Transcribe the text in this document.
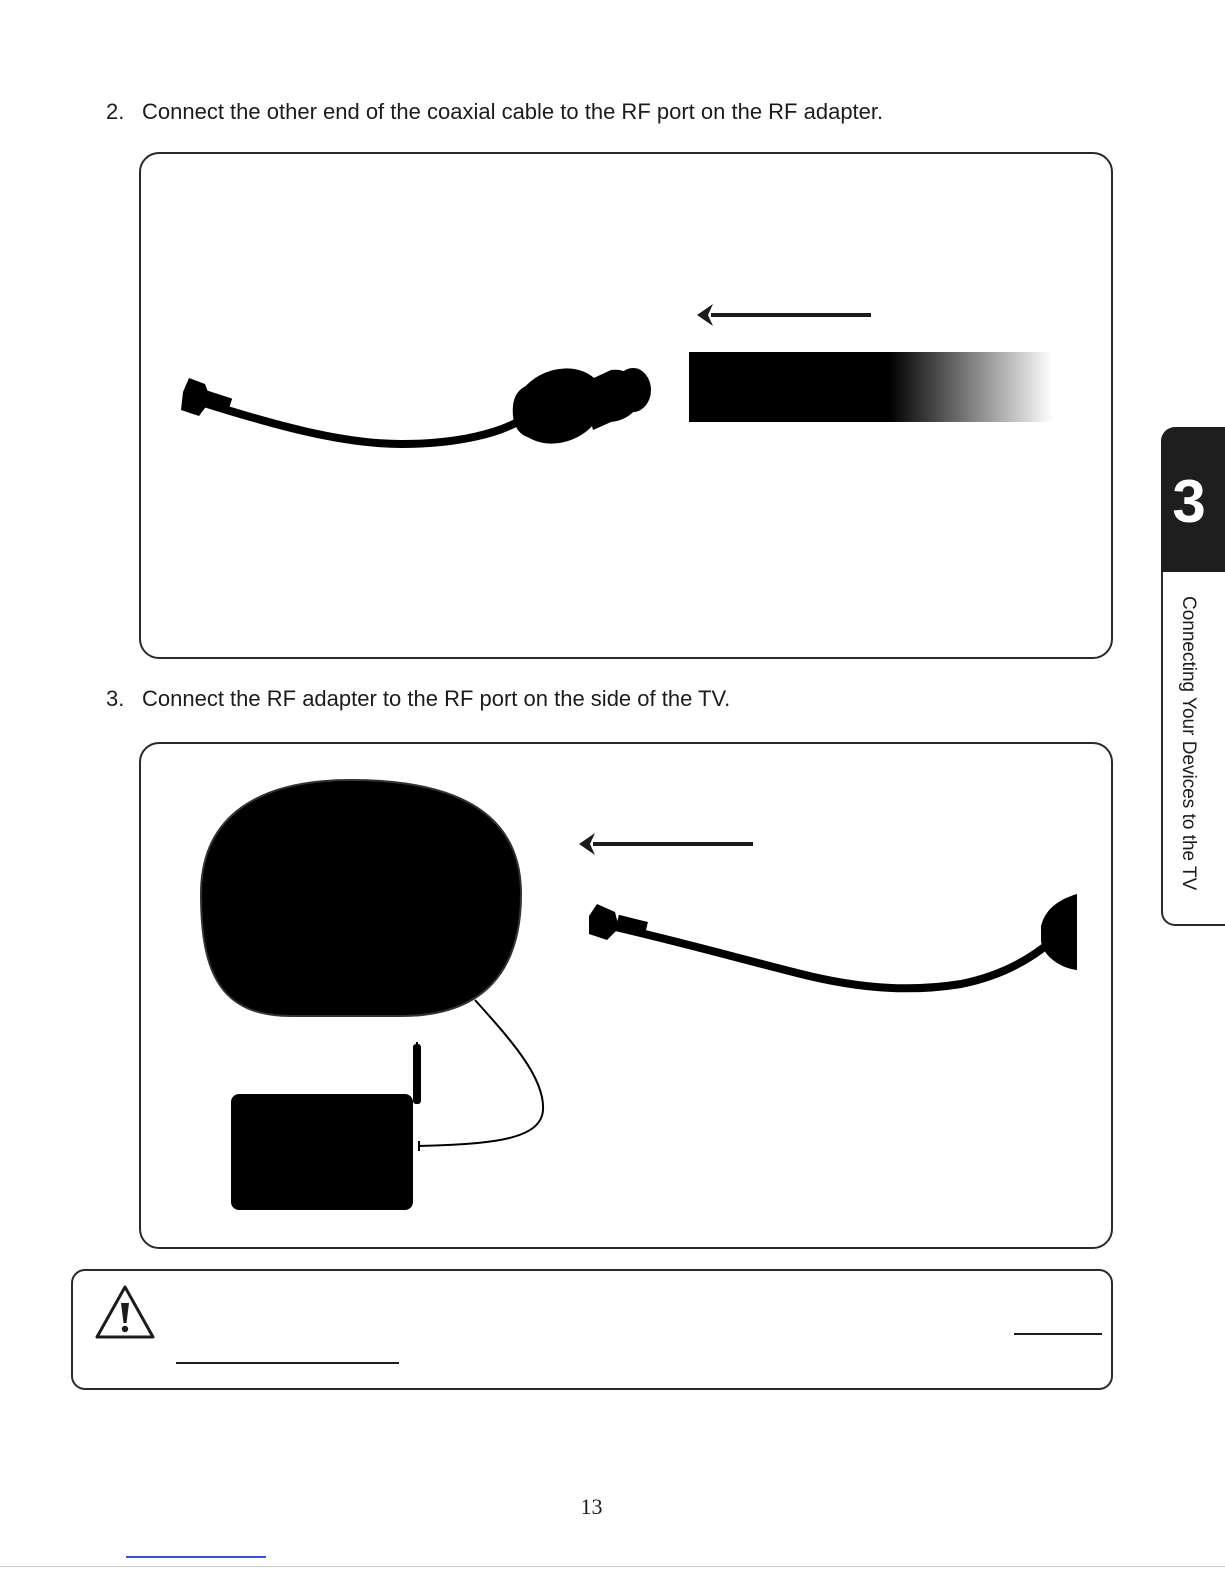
2. Connect the other end of the coaxial cable to the RF port on the RF adapter.
3. Connect the RF adapter to the RF port on the side of the TV.
3
Connecting Your Devices to the TV
13
